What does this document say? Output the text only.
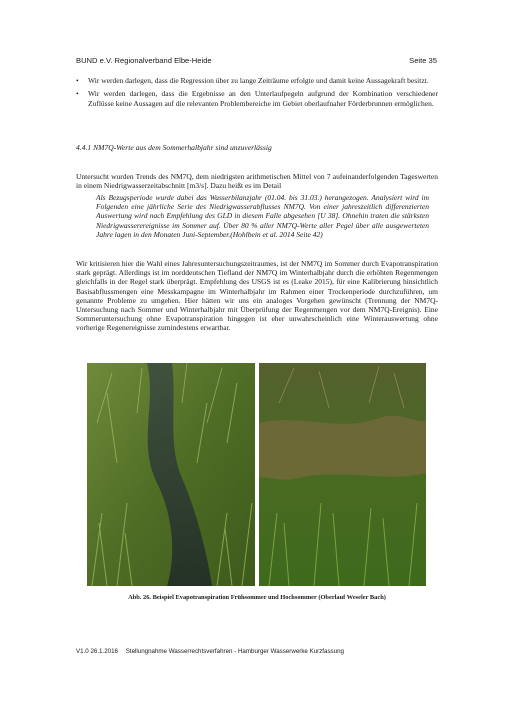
BUND e.V. Regionalverband Elbe-Heide	Seite 35
• Wir werden darlegen, dass die Regression über zu lange Zeiträume erfolgte und damit keine Aussagekraft besitzt.
• Wir werden darlegen, dass die Ergebnisse an den Unterlaufpegeln aufgrund der Kombination verschiedener Zuflüsse keine Aussagen auf die relevanten Problembereiche im Gebiet oberlaufnaher Förderbrunnen ermöglichen.
4.4.1 NM7Q-Werte aus dem Sommerhalbjahr sind unzuverlässig

Untersucht wurden Trends des NM7Q, dem niedrigsten arithmetischen Mittel von 7 aufeinanderfolgenden Tageswerten in einem Niedrigwasserzeitabschnitt [m3/s]. Dazu heißt es im Detail

Als Bezugsperiode wurde dabei das Wasserbilanzjahr (01.04. bis 31.03.) herangezogen. Analysiert wird im Folgenden eine jährliche Serie des Niedrigwasserabflusses NM7Q. Von einer jahreszeitlich differenzierten Auswertung wird nach Empfehlung des GLD in diesem Falle abgesehen [U 38]. Ohnehin traten die stärksten Niedrigwasserereignisse im Sommer auf. Über 80 % aller NM7Q-Werte aller Pegel über alle ausgewerteten Jahre lagen in den Monaten Juni-September.(Hohlbein et al. 2014 Seite 42)

Wir kritisieren hier die Wahl eines Jahresuntersuchungszeitraumes, ist der NM7Q im Sommer durch Evapotranspiration stark geprägt. Allerdings ist im norddeutschen Tiefland der NM7Q im Winterhalbjahr durch die erhöhten Regenmengen gleichfalls in der Regel stark überprägt. Empfehlung des USGS ist es (Leake 2015), für eine Kalibrierung hinsichtlich Basisabflussmengen eine Messkampagne im Winterhalbjahr im Rahmen einer Trockenperiode durchzuführen, um genannte Probleme zu umgehen. Hier hätten wir uns ein analoges Vorgehen gewünscht (Trennung der NM7Q-Untersuchung nach Sommer und Winterhalbjahr mit Überprüfung der Regenmengen vor dem NM7Q-Ereignis). Eine Sommeruntersuchung ohne Evapotranspiration hingegen ist eher unwahrscheinlich eine Winterauswertung ohne vorherige Regenereignisse zumindestens erwartbar.

Abb. 26. Beispiel Evapotranspiration Frühsommer und Hochsommer (Oberlauf Weseler Bach)
V1.0 26.1.2016 Stellungnahme Wasserrechtsverfahren - Hamburger Wasserwerke Kurzfassung
